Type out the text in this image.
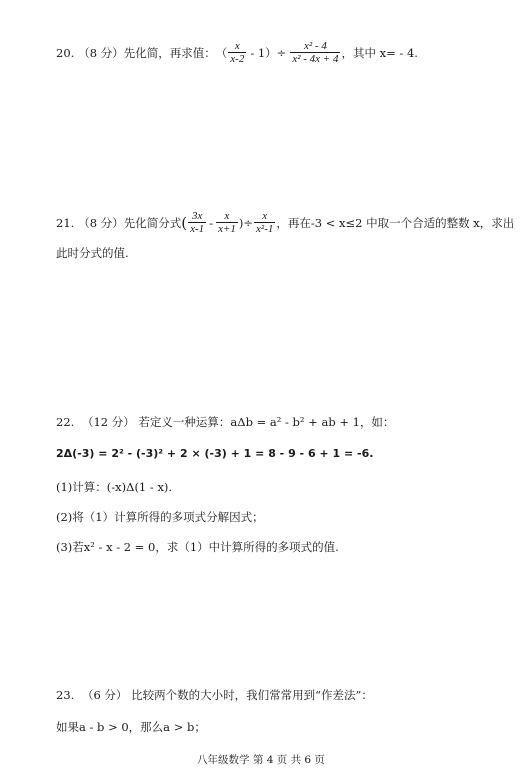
20. （8 分） 先化简，再求值： （ $\frac{x}{x-2} - 1)\div \frac{\text{x² - 4}}{\text{x² - 4x + 4}}$ ，其中 x= - 4.
21. （8 分） 先化简分式 ( $\frac{3x}{x-1} - \frac{x}{x+1}$ )÷ $\frac{x}{\text{x²-1}}$ ，再在-3 < x≤2 中取一个合适的整数 x，求出
此时分式的值.
22. （12 分） 若定义一种运算：aΔb = a² - b² + ab + 1，如：
2Δ(-3) = 2² - (-3)² + 2 × (-3) + 1 = 8 - 9 - 6 + 1 = -6.
(1)计算：(-x)Δ(1 - x).
(2)将（1）计算所得的多项式分解因式；
(3)若x² - x - 2 = 0，求（1）中计算所得的多项式的值.
23. （6 分） 比较两个数的大小时，我们常常用到“作差法”：
如果a - b > 0，那么a > b；
八年级数学 第 4 页 共 6 页
